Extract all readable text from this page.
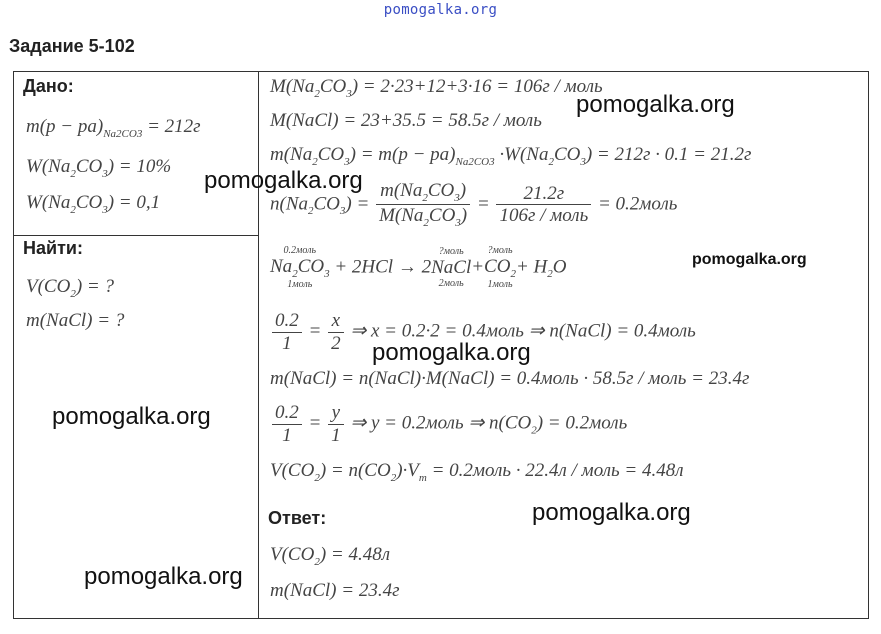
pomogalka.org
Задание 5-102
Дано:
$m(р - ра)_{Na2CO3} = 212г$
$W(Na_2CO_3) = 10\%$
$W(Na_2CO_3) = 0,1$
Найти:
$V(CO_2)$ = ?
m(NaCl) = ?
$M(Na_2CO_3) = 2\cdot 23+12+3\cdot 16 = 106г$ / моль
M(NaCl) = 23+35.5 = 58.5г / моль
$m(Na_2CO_3) = m(p - pa)_{Na2CO3} \cdot W(Na_2CO_3) = 212г \cdot 0.1 = 21.2г$
$n(Na_2CO_3) = \frac{m(Na_2CO_3)}{M(Na_2CO_3)} = \frac{21.2г}{\text{106г / моль}}$ = 0.2моль
0.2моль
$Na_2CO_3$
1моль
+ 2HCl → 2
?моль
NaCl
2моль
+
?моль
$CO_2$
1моль
+ $H_2O$
$\frac{0.2}{1} = \frac{x}{2}$ ⇒ x = 0.2·2 = 0.4моль ⇒ n(NaCl) = 0.4моль
m(NaCl) = n(NaCl)·M(NaCl) = 0.4моль · 58.5г / моль = 23.4г
$\frac{0.2}{1} = \frac{y}{1}$ ⇒ y = 0.2моль ⇒ $n(CO_2)$ = 0.2моль
$V(CO_2) = n(CO_2)\cdot V_m$ = 0.2моль · 22.4л / моль = 4.48л
Ответ:
$V(CO_2) = 4.48л$
m(NaCl) = 23.4г
pomogalka.org
pomogalka.org
pomogalka.org
pomogalka.org
pomogalka.org
pomogalka.org
pomogalka.org
